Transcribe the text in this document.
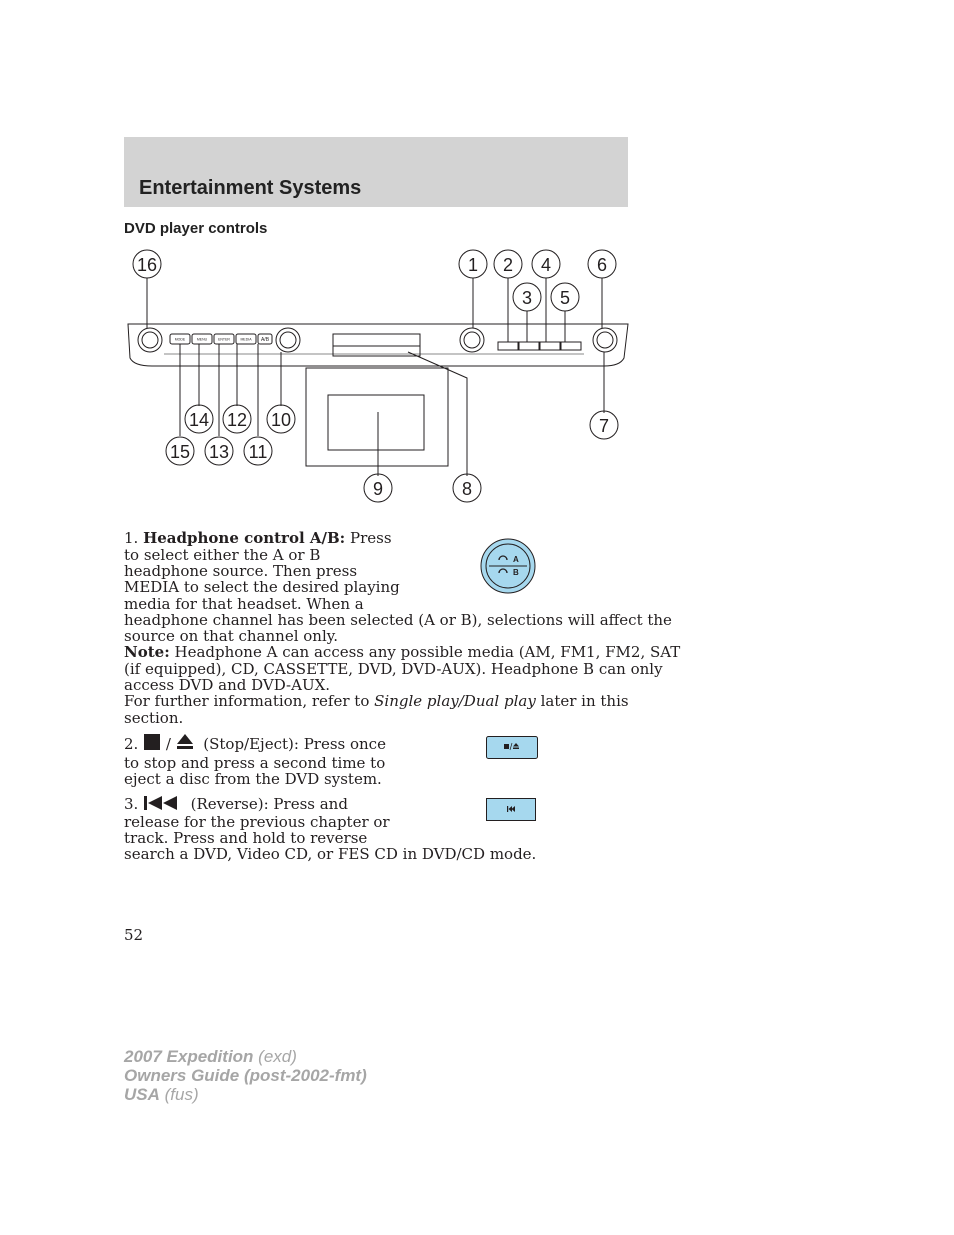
Entertainment Systems
DVD player controls
16	1 2 4	6
3 5
14 12 10	7
15 13 11
9	8
MODE	MENU	ENTER	MEDIA A/B

1. Headphone control A/B: Press

to select either the A or B

headphone source. Then press

MEDIA to select the desired playing

media for that headset. When a

headphone channel has been selected (A or B), selections will affect the

source on that channel only.

Note: Headphone A can access any possible media (AM, FM1, FM2, SAT

(if equipped), CD, CASSETTE, DVD, DVD-AUX). Headphone B can only

access DVD and DVD-AUX.

For further information, refer to Single play/Dual play later in this

section.

A
B

2. / (Stop/Eject): Press once

to stop and press a second time to

eject a disc from the DVD system.

3.	(Reverse): Press and

release for the previous chapter or

track. Press and hold to reverse

search a DVD, Video CD, or FES CD in DVD/CD mode.

52
2007 Expedition (exd)
Owners Guide (post-2002-fmt)
USA (fus)
